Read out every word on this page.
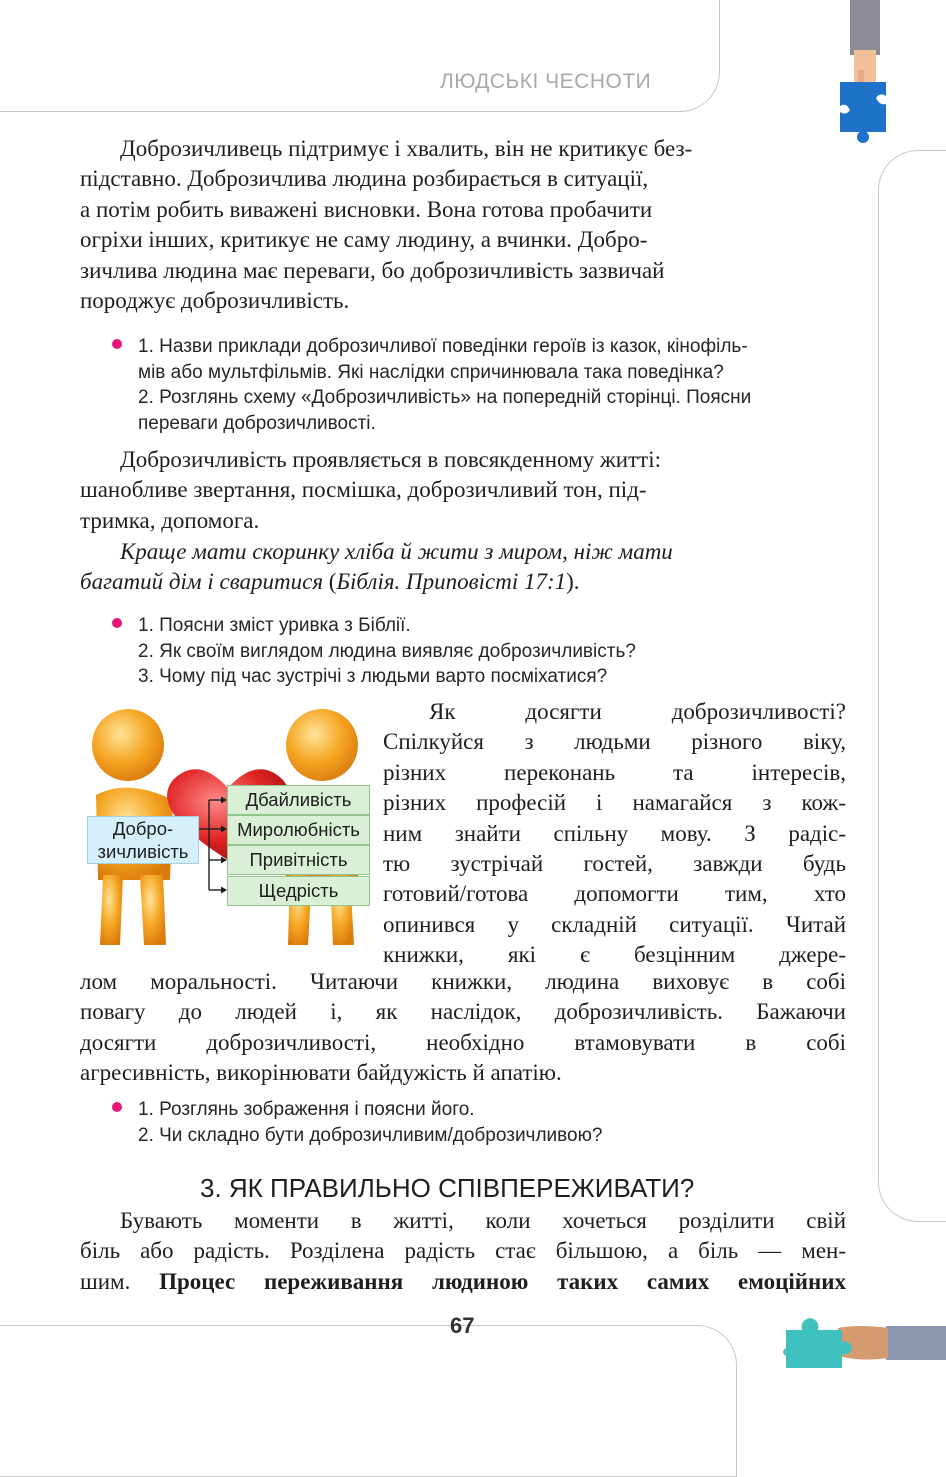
ЛЮДСЬКІ ЧЕСНОТИ

Доброзичливець підтримує і хвалить, він не критикує без-
підставно. Доброзичлива людина розбирається в ситуації,
а потім робить виважені висновки. Вона готова пробачити
огріхи інших, критикує не саму людину, а вчинки. Добро-
зичлива людина має переваги, бо доброзичливість зазвичай
породжує доброзичливість.

1. Назви приклади доброзичливої поведінки героїв із казок, кінофіль-
мів або мультфільмів. Які наслідки спричинювала така поведінка?
2. Розглянь схему «Доброзичливість» на попередній сторінці. Поясни
переваги доброзичливості.

Доброзичливість проявляється в повсякденному житті:
шанобливе звертання, посмішка, доброзичливий тон, під-
тримка, допомога.

Краще мати скоринку хліба й жити з миром, ніж мати
багатий дім і сваритися (Біблія. Приповісті 17:1).

1. Поясни зміст уривка з Біблії.
2. Як своїм виглядом людина виявляє доброзичливість?
3. Чому під час зустрічі з людьми варто посміхатися?
Добро-
зичливість
Дбайливість
Миролюбність
Привітність
Щедрість

Як досягти доброзичливості?

Спілкуйся з людьми різного віку,

різних переконань та інтересів,

різних професій і намагайся з кож-

ним знайти спільну мову. З радіс-

тю зустрічай гостей, завжди будь

готовий/готова допомогти тим, хто

опинився у складній ситуації. Читай

книжки, які є безцінним джере-

лом моральності. Читаючи книжки, людина виховує в собі
повагу до людей і, як наслідок, доброзичливість. Бажаючи
досягти доброзичливості, необхідно втамовувати в собі
агресивність, викорінювати байдужість й апатію.
1. Розглянь зображення і поясни його.
2. Чи складно бути доброзичливим/доброзичливою?
3. ЯК ПРАВИЛЬНО СПІВПЕРЕЖИВАТИ?
Бувають моменти в житті, коли хочеться розділити свій
біль або радість. Розділена радість стає більшою, а біль — мен-
шим. Процес переживання людиною таких самих емоційних
67
